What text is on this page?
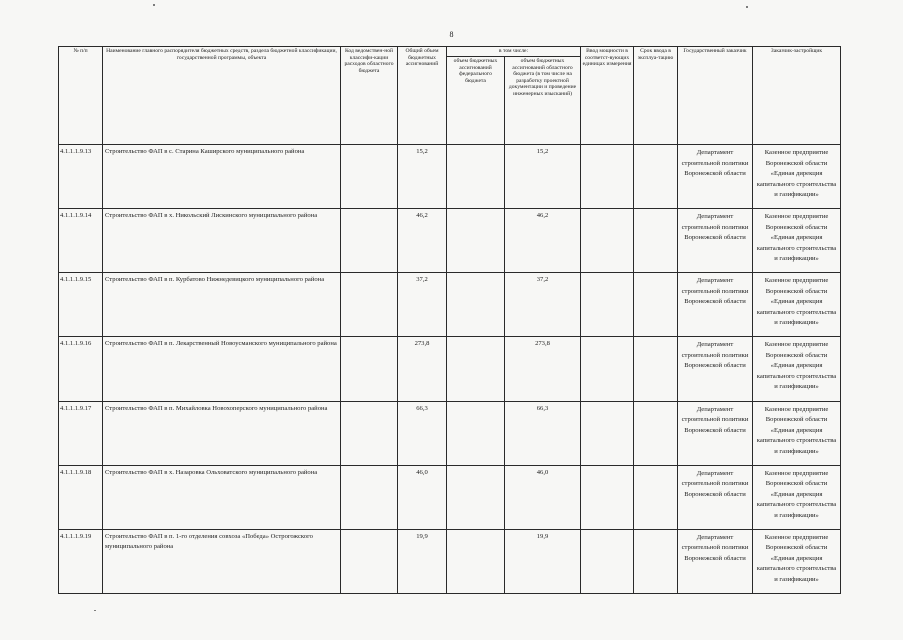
8
№ п/п	Наименование главного распорядителя бюджетных средств, раздела бюджетной классификации, государственной программы, объекта	Код ведомствен-ной классифи-кации расходов областного бюджета	Общий объем бюджетных ассигнований	в том числе:		Ввод мощности в соответст-вующих единицах измерения	Срок ввода в эксплуа-тацию	Государственный заказчик	Заказчик-застройщик
				объем бюджетных ассигнований федерального бюджета	объем бюджетных ассигнований областного бюджета (в том числе на разработку проектной документации и проведение инженерных изысканий)				
4.1.1.1.9.13	Строительство ФАП в с. Старина Каширского муниципального района		15,2		15,2			Департамент строительной политики Воронежской области	Казенное предприятие Воронежской области «Единая дирекция капитального строительства и газификации»
4.1.1.1.9.14	Строительство ФАП в х. Никольский Лискинского муниципального района		46,2		46,2			Департамент строительной политики Воронежской области	Казенное предприятие Воронежской области «Единая дирекция капитального строительства и газификации»
4.1.1.1.9.15	Строительство ФАП в п. Курбатово Нижнедевицкого муниципального района		37,2		37,2			Департамент строительной политики Воронежской области	Казенное предприятие Воронежской области «Единая дирекция капитального строительства и газификации»
4.1.1.1.9.16	Строительство ФАП в п. Лекарственный Новоусманского муниципального района		273,8		273,8			Департамент строительной политики Воронежской области	Казенное предприятие Воронежской области «Единая дирекция капитального строительства и газификации»
4.1.1.1.9.17	Строительство ФАП в п. Михайловка Новохоперского муниципального района		66,3		66,3			Департамент строительной политики Воронежской области	Казенное предприятие Воронежской области «Единая дирекция капитального строительства и газификации»
4.1.1.1.9.18	Строительство ФАП в х. Назаровка Ольховатского муниципального района		46,0		46,0			Департамент строительной политики Воронежской области	Казенное предприятие Воронежской области «Единая дирекция капитального строительства и газификации»
4.1.1.1.9.19	Строительство ФАП в п. 1-го отделения совхоза «Победа» Острогожского муниципального района		19,9		19,9			Департамент строительной политики Воронежской области	Казенное предприятие Воронежской области «Единая дирекция капитального строительства и газификации»
